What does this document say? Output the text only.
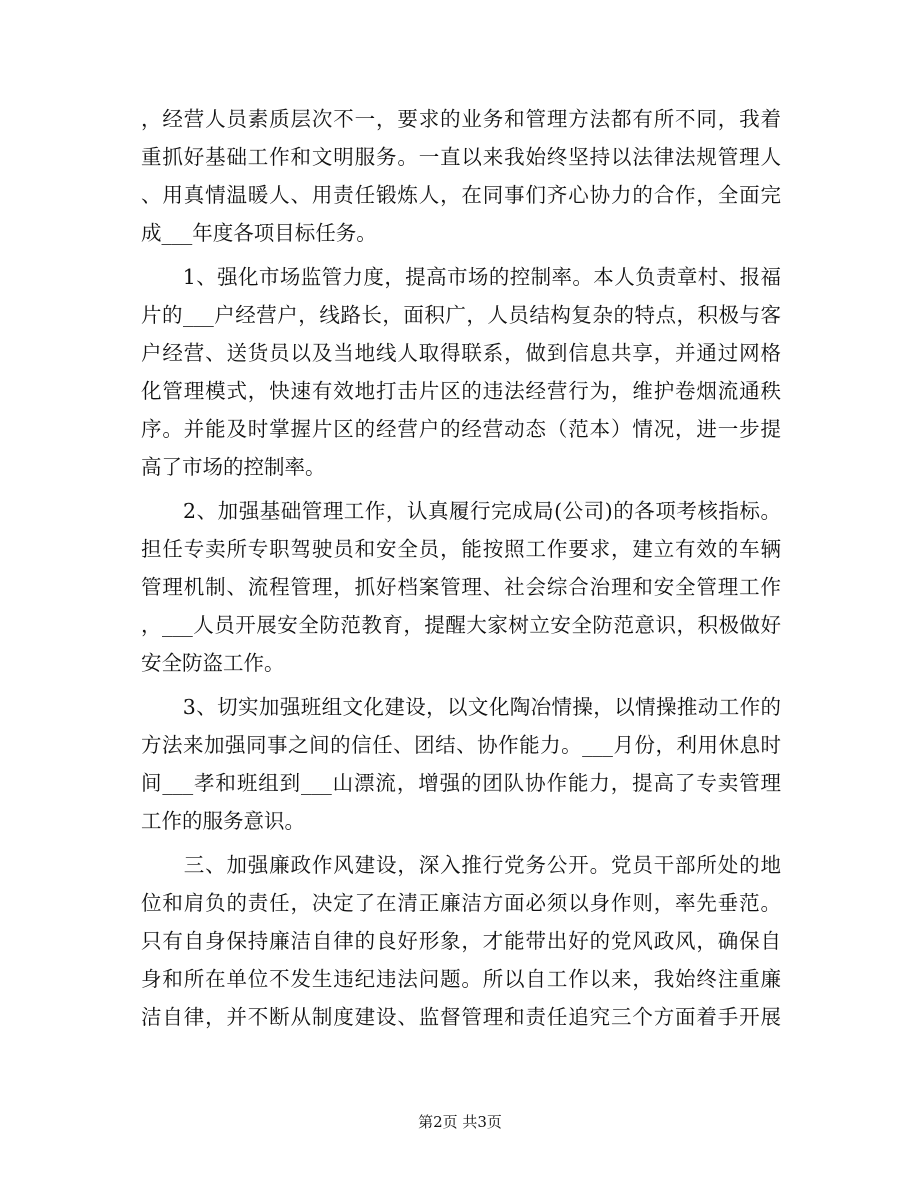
，经营人员素质层次不一，要求的业务和管理方法都有所不同，我着
重抓好基础工作和文明服务。一直以来我始终坚持以法律法规管理人
、用真情温暖人、用责任锻炼人，在同事们齐心协力的合作，全面完
成___年度各项目标任务。
　　1、强化市场监管力度，提高市场的控制率。本人负责章村、报福
片的___户经营户，线路长，面积广，人员结构复杂的特点，积极与客
户经营、送货员以及当地线人取得联系，做到信息共享，并通过网格
化管理模式，快速有效地打击片区的违法经营行为，维护卷烟流通秩
序。并能及时掌握片区的经营户的经营动态（范本）情况，进一步提
高了市场的控制率。
　　2、加强基础管理工作，认真履行完成局(公司)的各项考核指标。
担任专卖所专职驾驶员和安全员，能按照工作要求，建立有效的车辆
管理机制、流程管理，抓好档案管理、社会综合治理和安全管理工作
，___人员开展安全防范教育，提醒大家树立安全防范意识，积极做好
安全防盗工作。
　　3、切实加强班组文化建设，以文化陶冶情操，以情操推动工作的
方法来加强同事之间的信任、团结、协作能力。___月份，利用休息时
间___孝和班组到___山漂流，增强的团队协作能力，提高了专卖管理
工作的服务意识。
　　三、加强廉政作风建设，深入推行党务公开。党员干部所处的地
位和肩负的责任，决定了在清正廉洁方面必须以身作则，率先垂范。
只有自身保持廉洁自律的良好形象，才能带出好的党风政风，确保自
身和所在单位不发生违纪违法问题。所以自工作以来，我始终注重廉
洁自律，并不断从制度建设、监督管理和责任追究三个方面着手开展
第2页 共3页
